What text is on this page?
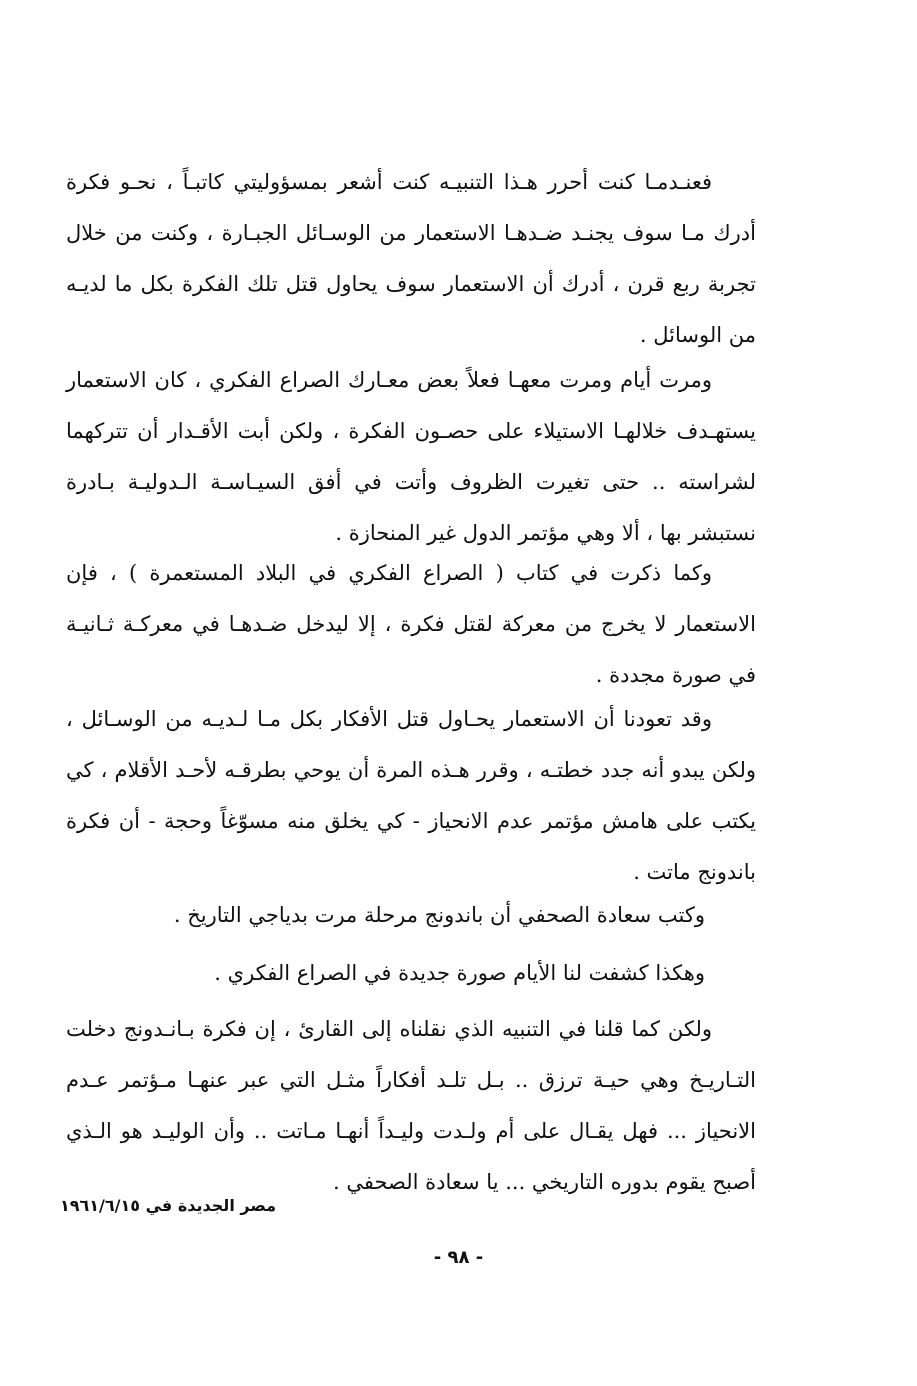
فعنـدمـا كنت أحرر هـذا التنبيـه كنت أشعر بمسؤوليتي كاتبـاً ، نحـو فكرة أدرك مـا سوف يجنـد ضـدهـا الاستعمار من الوسـائل الجبـارة ، وكنت من خلال تجربة ربع قرن ، أدرك أن الاستعمار سوف يحاول قتل تلك الفكرة بكل ما لديـه من الوسائل .

ومرت أيام ومرت معهـا فعلاً بعض معـارك الصراع الفكري ، كان الاستعمار يستهـدف خلالهـا الاستيلاء على حصـون الفكرة ، ولكن أبت الأقـدار أن تتركهما لشراسته .. حتى تغيرت الظروف وأتت في أفق السيـاسـة الـدوليـة بـادرة نستبشر بها ، ألا وهي مؤتمر الدول غير المنحازة .

وكما ذكرت في كتاب ( الصراع الفكري في البلاد المستعمرة ) ، فإن الاستعمار لا يخرج من معركة لقتل فكرة ، إلا ليدخل ضـدهـا في معركـة ثـانيـة في صورة مجددة .

وقد تعودنا أن الاستعمار يحـاول قتل الأفكار بكل مـا لـديـه من الوسـائل ، ولكن يبدو أنه جدد خطتـه ، وقرر هـذه المرة أن يوحي بطرقـه لأحـد الأقلام ، كي يكتب على هامش مؤتمر عدم الانحياز - كي يخلق منه مسوّغاً وحجة - أن فكرة باندونج ماتت .

وكتب سعادة الصحفي أن باندونج مرحلة مرت بدياجي التاريخ .

وهكذا كشفت لنا الأيام صورة جديدة في الصراع الفكري .

ولكن كما قلنا في التنبيه الذي نقلناه إلى القارئ ، إن فكرة بـانـدونج دخلت التـاريـخ وهي حيـة ترزق .. بـل تلـد أفكاراً مثـل التي عبر عنهـا مـؤتمر عـدم الانحياز ... فهل يقـال على أم ولـدت وليـداً أنهـا مـاتت .. وأن الوليـد هو الـذي أصبح يقوم بدوره التاريخي ... يا سعادة الصحفي .

مصر الجديدة في ١٩٦١/٦/١٥
- ٩٨ -
